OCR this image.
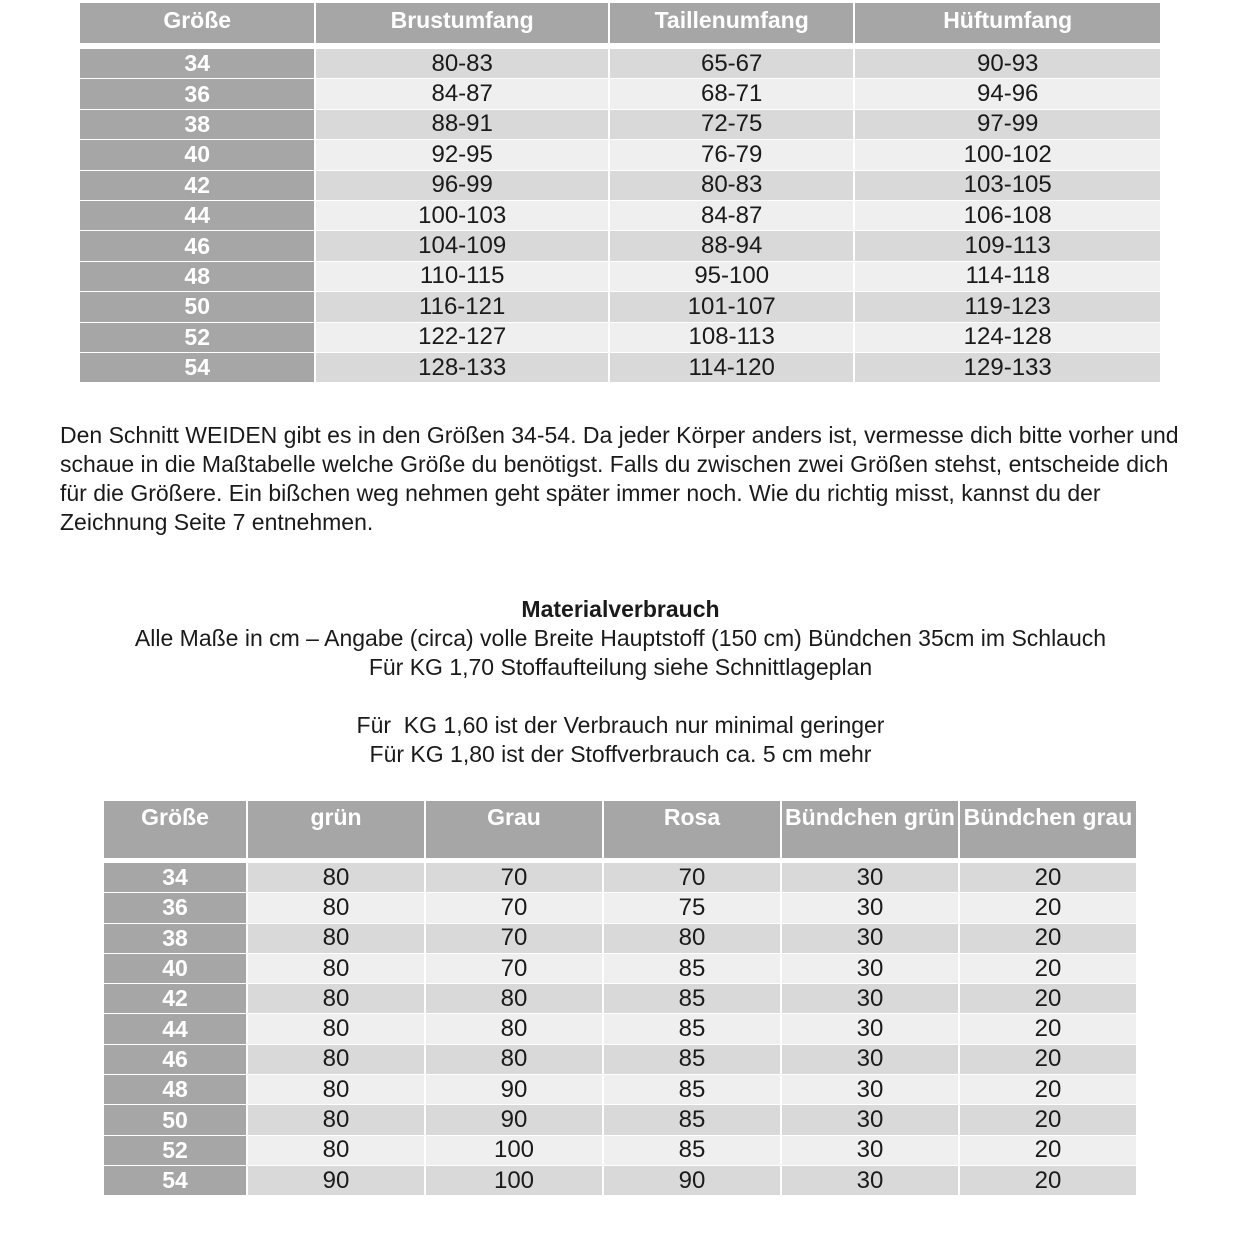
Größe	Brustumfang	Taillenumfang	Hüftumfang
34	80-83	65-67	90-93
36	84-87	68-71	94-96
38	88-91	72-75	97-99
40	92-95	76-79	100-102
42	96-99	80-83	103-105
44	100-103	84-87	106-108
46	104-109	88-94	109-113
48	110-115	95-100	114-118
50	116-121	101-107	119-123
52	122-127	108-113	124-128
54	128-133	114-120	129-133

Den Schnitt WEIDEN gibt es in den Größen 34-54. Da jeder Körper anders ist, vermesse dich bitte vorher und schaue in die Maßtabelle welche Größe du benötigst. Falls du zwischen zwei Größen stehst, entscheide dich für die Größere. Ein bißchen weg nehmen geht später immer noch. Wie du richtig misst, kannst du der Zeichnung Seite 7 entnehmen.

Materialverbrauch
Alle Maße in cm – Angabe (circa) volle Breite Hauptstoff (150 cm) Bündchen 35cm im Schlauch
Für KG 1,70 Stoffaufteilung siehe Schnittlageplan
Für  KG 1,60 ist der Verbrauch nur minimal geringer
Für KG 1,80 ist der Stoffverbrauch ca. 5 cm mehr
Größe	grün	Grau	Rosa	Bündchen grün	Bündchen grau
34	80	70	70	30	20
36	80	70	75	30	20
38	80	70	80	30	20
40	80	70	85	30	20
42	80	80	85	30	20
44	80	80	85	30	20
46	80	80	85	30	20
48	80	90	85	30	20
50	80	90	85	30	20
52	80	100	85	30	20
54	90	100	90	30	20
